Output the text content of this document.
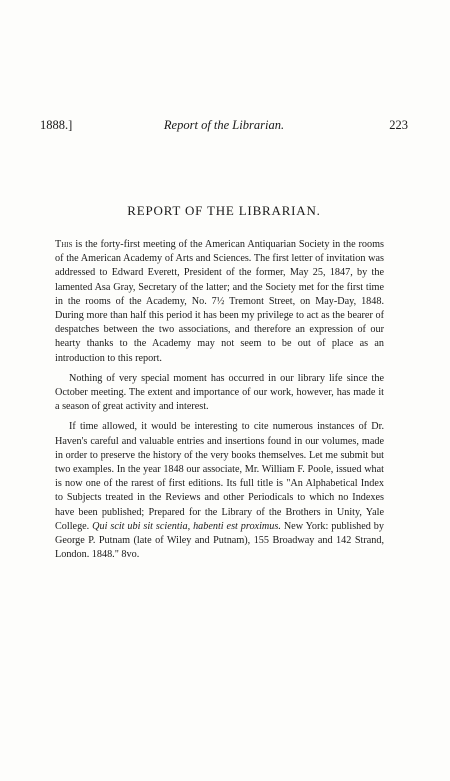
1888.]	Report of the Librarian.	223
REPORT OF THE LIBRARIAN.

This is the forty-first meeting of the American Antiquarian Society in the rooms of the American Academy of Arts and Sciences. The first letter of invitation was addressed to Edward Everett, President of the former, May 25, 1847, by the lamented Asa Gray, Secretary of the latter; and the Society met for the first time in the rooms of the Academy, No. 7½ Tremont Street, on May-Day, 1848. During more than half this period it has been my privilege to act as the bearer of despatches between the two associations, and therefore an expression of our hearty thanks to the Academy may not seem to be out of place as an introduction to this report.

Nothing of very special moment has occurred in our library life since the October meeting. The extent and importance of our work, however, has made it a season of great activity and interest.

If time allowed, it would be interesting to cite numerous instances of Dr. Haven's careful and valuable entries and insertions found in our volumes, made in order to preserve the history of the very books themselves. Let me submit but two examples. In the year 1848 our associate, Mr. William F. Poole, issued what is now one of the rarest of first editions. Its full title is "An Alphabetical Index to Subjects treated in the Reviews and other Periodicals to which no Indexes have been published; Prepared for the Library of the Brothers in Unity, Yale College. Qui scit ubi sit scientia, habenti est proximus. New York: published by George P. Putnam (late of Wiley and Putnam), 155 Broadway and 142 Strand, London. 1848." 8vo.
